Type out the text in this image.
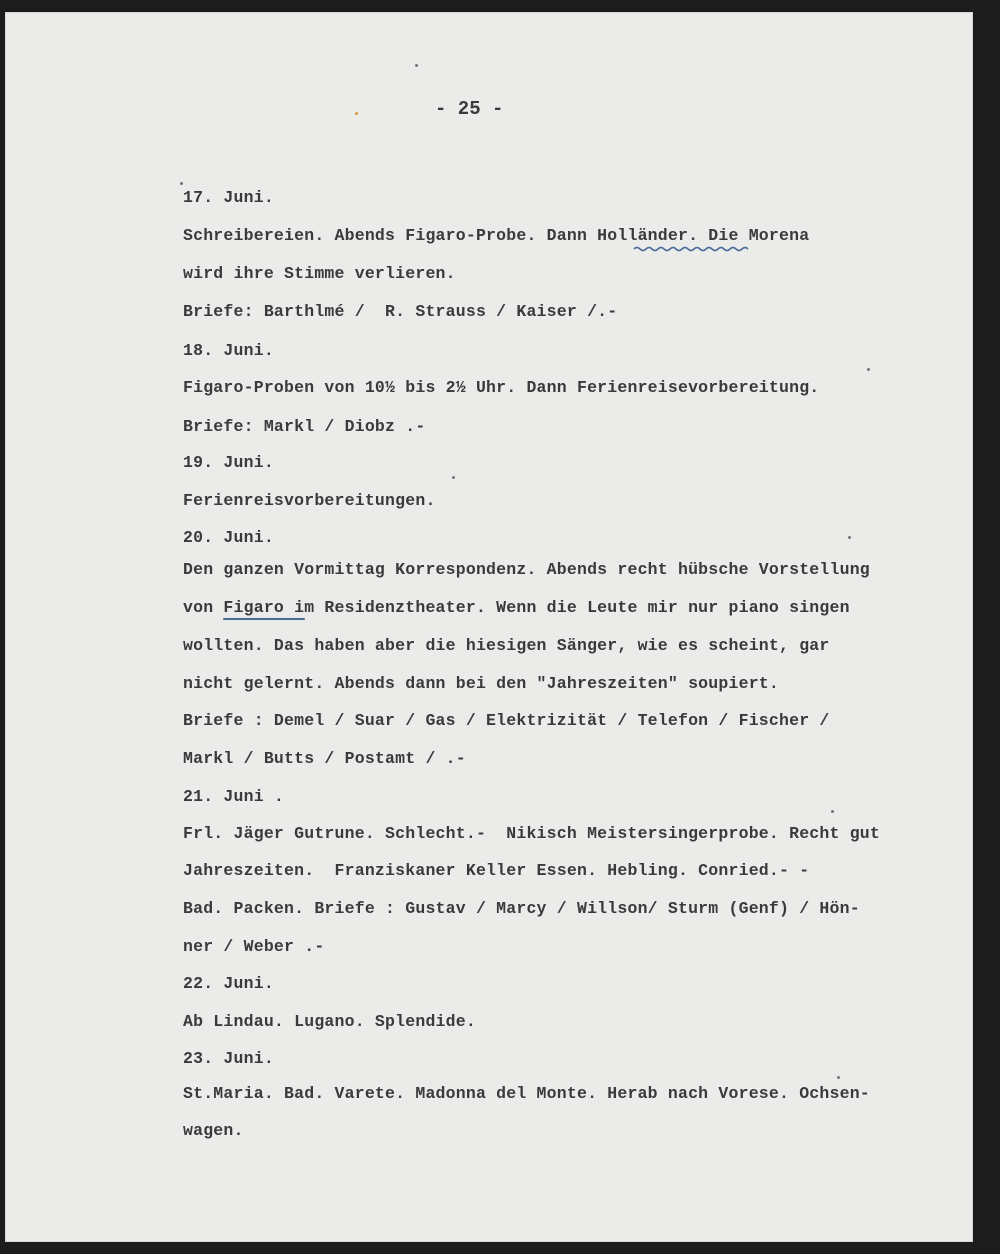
- 25 -
17. Juni.
Schreibereien. Abends Figaro-Probe. Dann Holländer. Die Morena
wird ihre Stimme verlieren.
Briefe: Barthlmé /  R. Strauss / Kaiser /.-
18. Juni.
Figaro-Proben von 10½ bis 2½ Uhr. Dann Ferienreisevorbereitung.
Briefe: Markl / Diobz .-
19. Juni.
Ferienreisvorbereitungen.
20. Juni.
Den ganzen Vormittag Korrespondenz. Abends recht hübsche Vorstellung
von Figaro im Residenztheater. Wenn die Leute mir nur piano singen
wollten. Das haben aber die hiesigen Sänger, wie es scheint, gar
nicht gelernt. Abends dann bei den "Jahreszeiten" soupiert.
Briefe : Demel / Suar / Gas / Elektrizität / Telefon / Fischer /
Markl / Butts / Postamt / .-
21. Juni .
Frl. Jäger Gutrune. Schlecht.-  Nikisch Meistersingerprobe. Recht gut
Jahreszeiten.  Franziskaner Keller Essen. Hebling. Conried.- -
Bad. Packen. Briefe : Gustav / Marcy / Willson/ Sturm (Genf) / Hön-
ner / Weber .-
22. Juni.
Ab Lindau. Lugano. Splendide.
23. Juni.
St.Maria. Bad. Varete. Madonna del Monte. Herab nach Vorese. Ochsen-
wagen.
